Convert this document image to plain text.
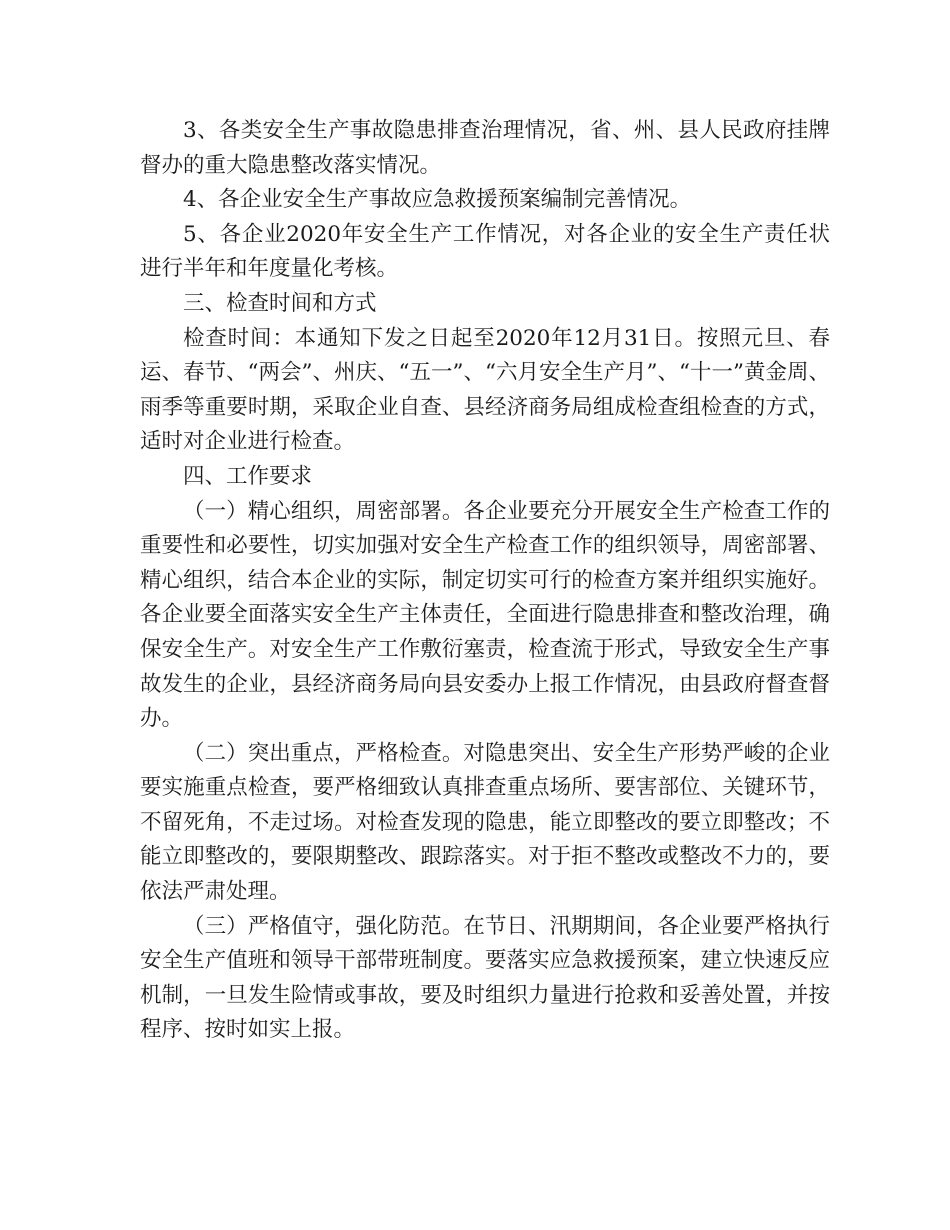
3、各类安全生产事故隐患排查治理情况，省、州、县人民政府挂牌督办的重大隐患整改落实情况。

4、各企业安全生产事故应急救援预案编制完善情况。

5、各企业2020年安全生产工作情况，对各企业的安全生产责任状进行半年和年度量化考核。

三、检查时间和方式

检查时间：本通知下发之日起至2020年12月31日。按照元旦、春运、春节、“两会”、州庆、“五一”、“六月安全生产月”、“十一”黄金周、雨季等重要时期，采取企业自查、县经济商务局组成检查组检查的方式，适时对企业进行检查。

四、工作要求

（一）精心组织，周密部署。各企业要充分开展安全生产检查工作的重要性和必要性，切实加强对安全生产检查工作的组织领导，周密部署、精心组织，结合本企业的实际，制定切实可行的检查方案并组织实施好。各企业要全面落实安全生产主体责任，全面进行隐患排查和整改治理，确保安全生产。对安全生产工作敷衍塞责，检查流于形式，导致安全生产事故发生的企业，县经济商务局向县安委办上报工作情况，由县政府督查督办。

（二）突出重点，严格检查。对隐患突出、安全生产形势严峻的企业要实施重点检查，要严格细致认真排查重点场所、要害部位、关键环节，不留死角，不走过场。对检查发现的隐患，能立即整改的要立即整改；不能立即整改的，要限期整改、跟踪落实。对于拒不整改或整改不力的，要依法严肃处理。

（三）严格值守，强化防范。在节日、汛期期间，各企业要严格执行安全生产值班和领导干部带班制度。要落实应急救援预案，建立快速反应机制，一旦发生险情或事故，要及时组织力量进行抢救和妥善处置，并按程序、按时如实上报。
